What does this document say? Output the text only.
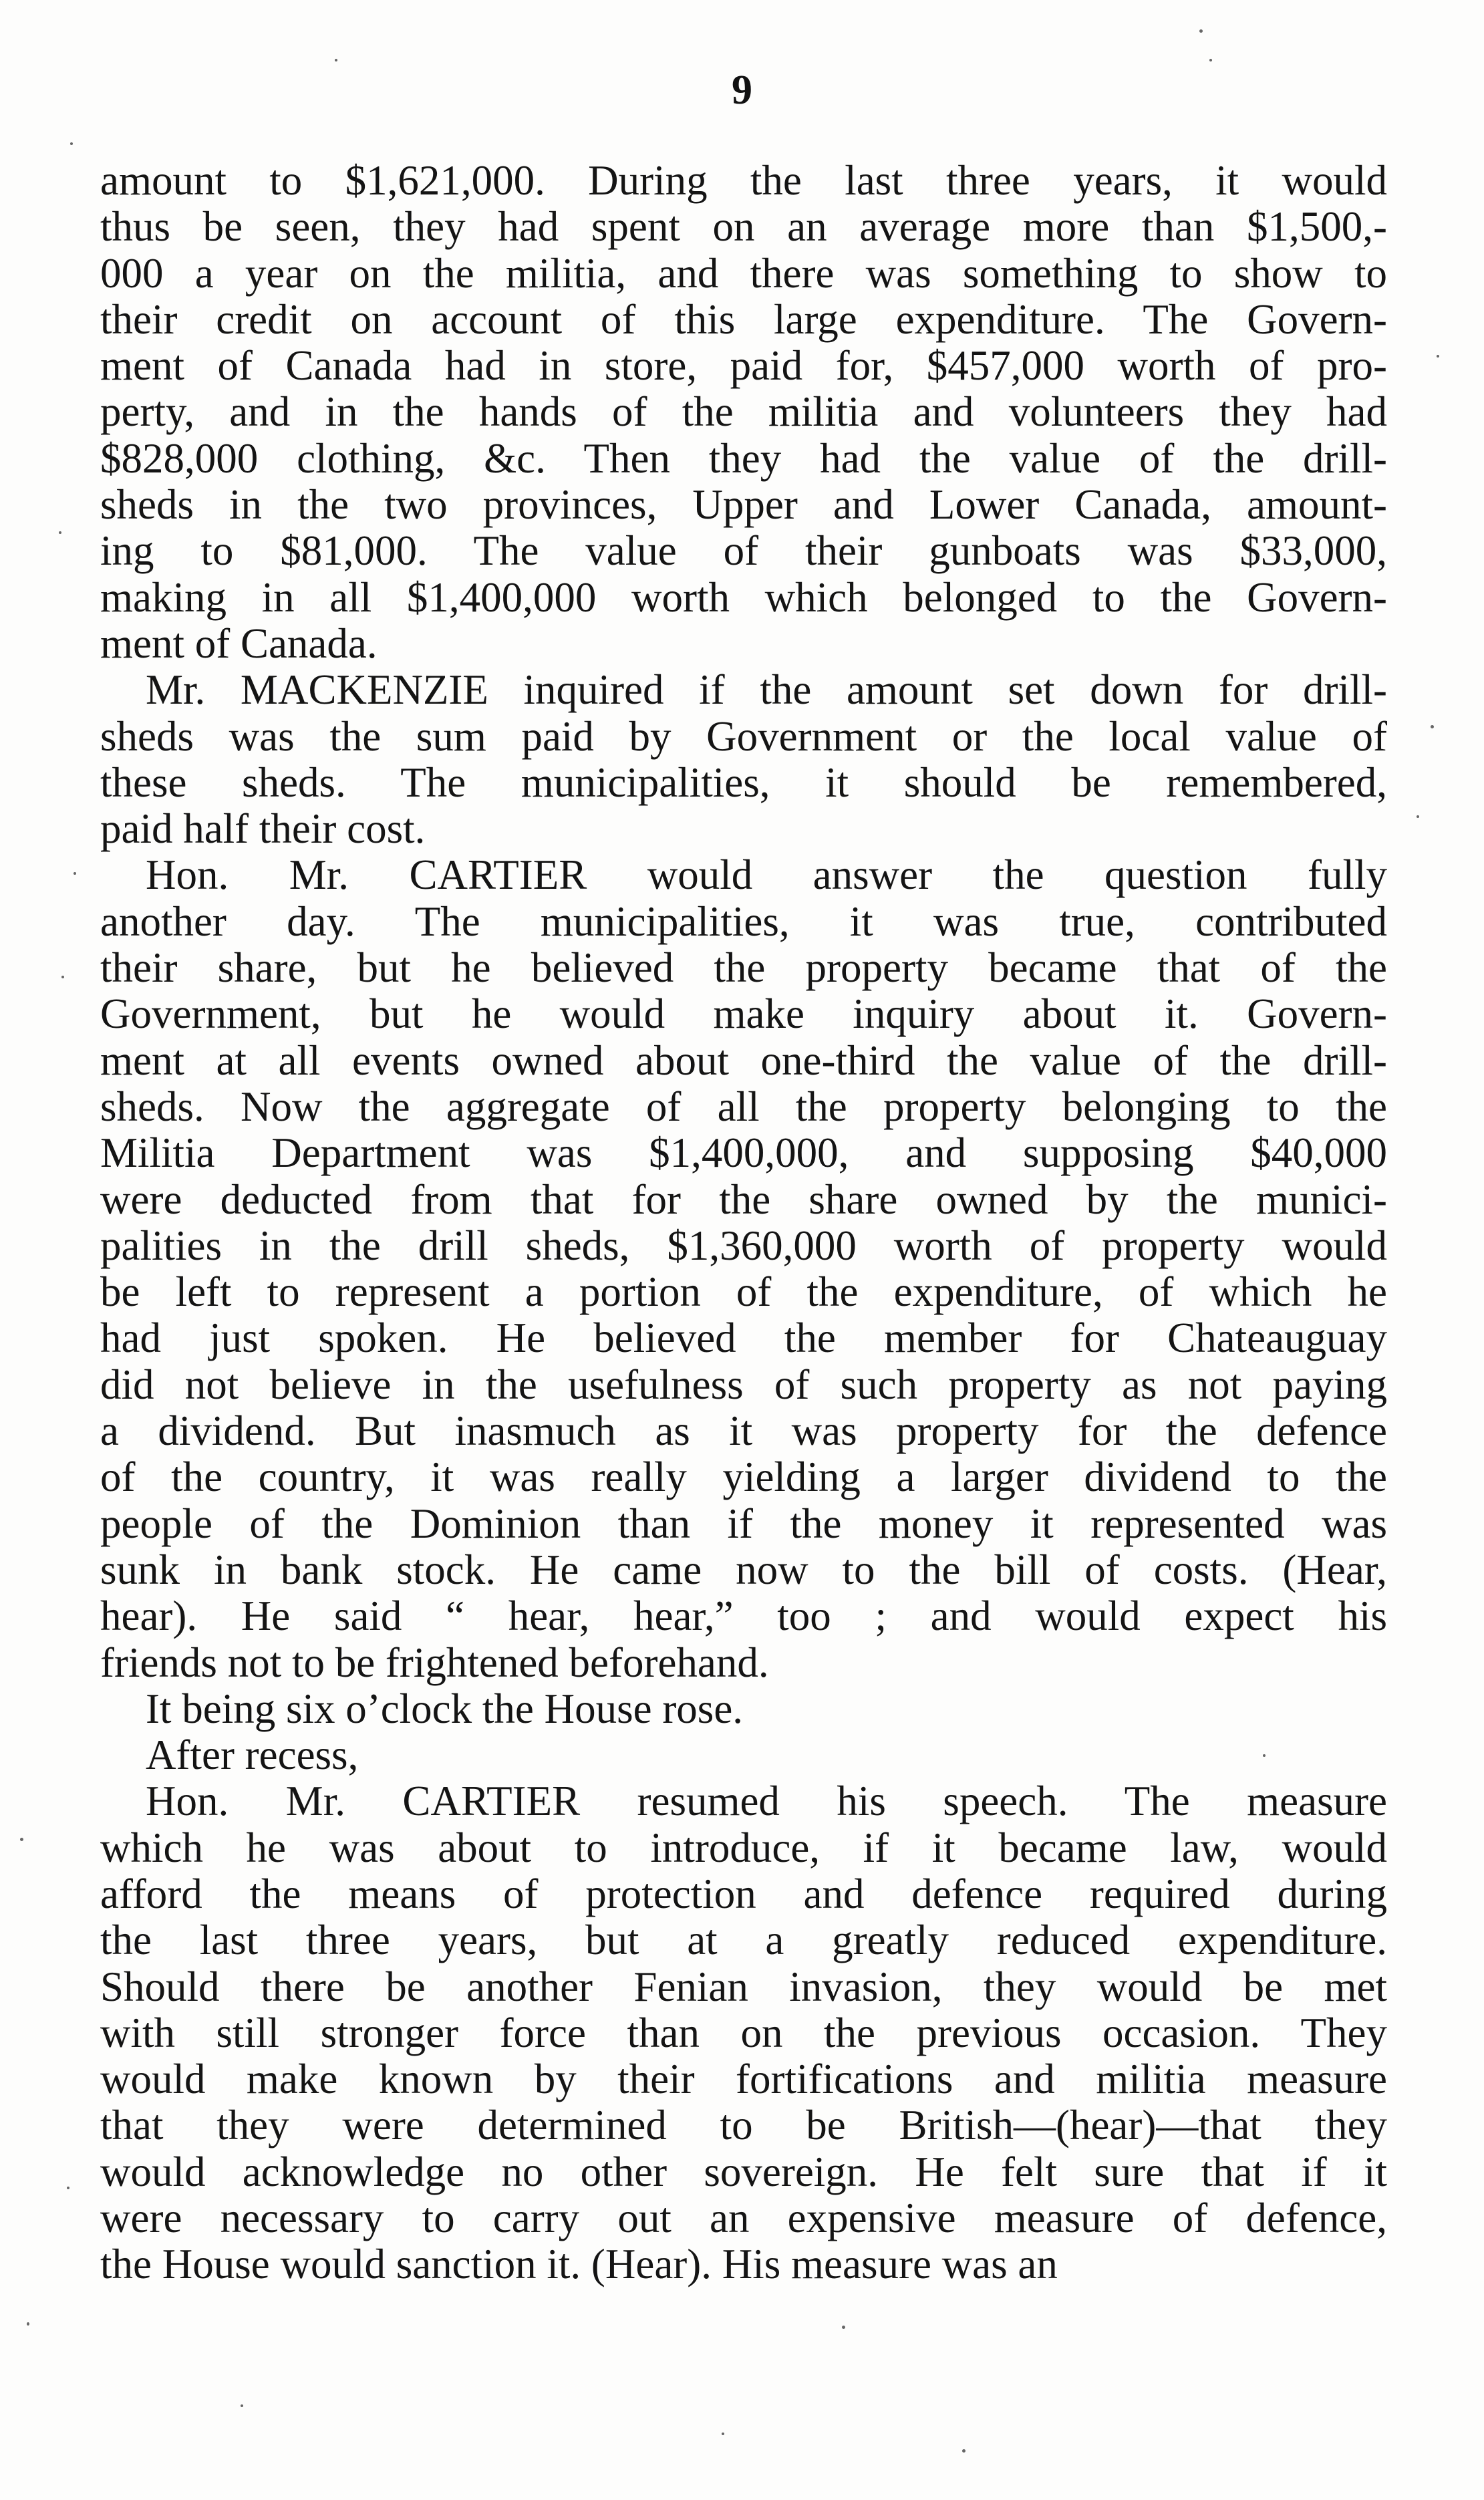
9

amount to $1,621,000. During the last three years, it would
thus be seen, they had spent on an average more than $1,500,-
000 a year on the militia, and there was something to show to
their credit on account of this large expenditure. The Govern-
ment of Canada had in store, paid for, $457,000 worth of pro-
perty, and in the hands of the militia and volunteers they had
$828,000 clothing, &c. Then they had the value of the drill-
sheds in the two provinces, Upper and Lower Canada, amount-
ing to $81,000. The value of their gunboats was $33,000,
making in all $1,400,000 worth which belonged to the Govern-
ment of Canada.

Mr. MACKENZIE inquired if the amount set down for drill-
sheds was the sum paid by Government or the local value of
these sheds. The municipalities, it should be remembered,
paid half their cost.

Hon. Mr. CARTIER would answer the question fully
another day. The municipalities, it was true, contributed
their share, but he believed the property became that of the
Government, but he would make inquiry about it. Govern-
ment at all events owned about one-third the value of the drill-
sheds. Now the aggregate of all the property belonging to the
Militia Department was $1,400,000, and supposing $40,000
were deducted from that for the share owned by the munici-
palities in the drill sheds, $1,360,000 worth of property would
be left to represent a portion of the expenditure, of which he
had just spoken. He believed the member for Chateauguay
did not believe in the usefulness of such property as not paying
a dividend. But inasmuch as it was property for the defence
of the country, it was really yielding a larger dividend to the
people of the Dominion than if the money it represented was
sunk in bank stock. He came now to the bill of costs. (Hear,
hear). He said “ hear, hear,” too ; and would expect his
friends not to be frightened beforehand.

It being six o’clock the House rose.

After recess,

Hon. Mr. CARTIER resumed his speech. The measure
which he was about to introduce, if it became law, would
afford the means of protection and defence required during
the last three years, but at a greatly reduced expenditure.
Should there be another Fenian invasion, they would be met
with still stronger force than on the previous occasion. They
would make known by their fortifications and militia measure
that they were determined to be British—(hear)—that they
would acknowledge no other sovereign. He felt sure that if it
were necessary to carry out an expensive measure of defence,
the House would sanction it. (Hear). His measure was an
